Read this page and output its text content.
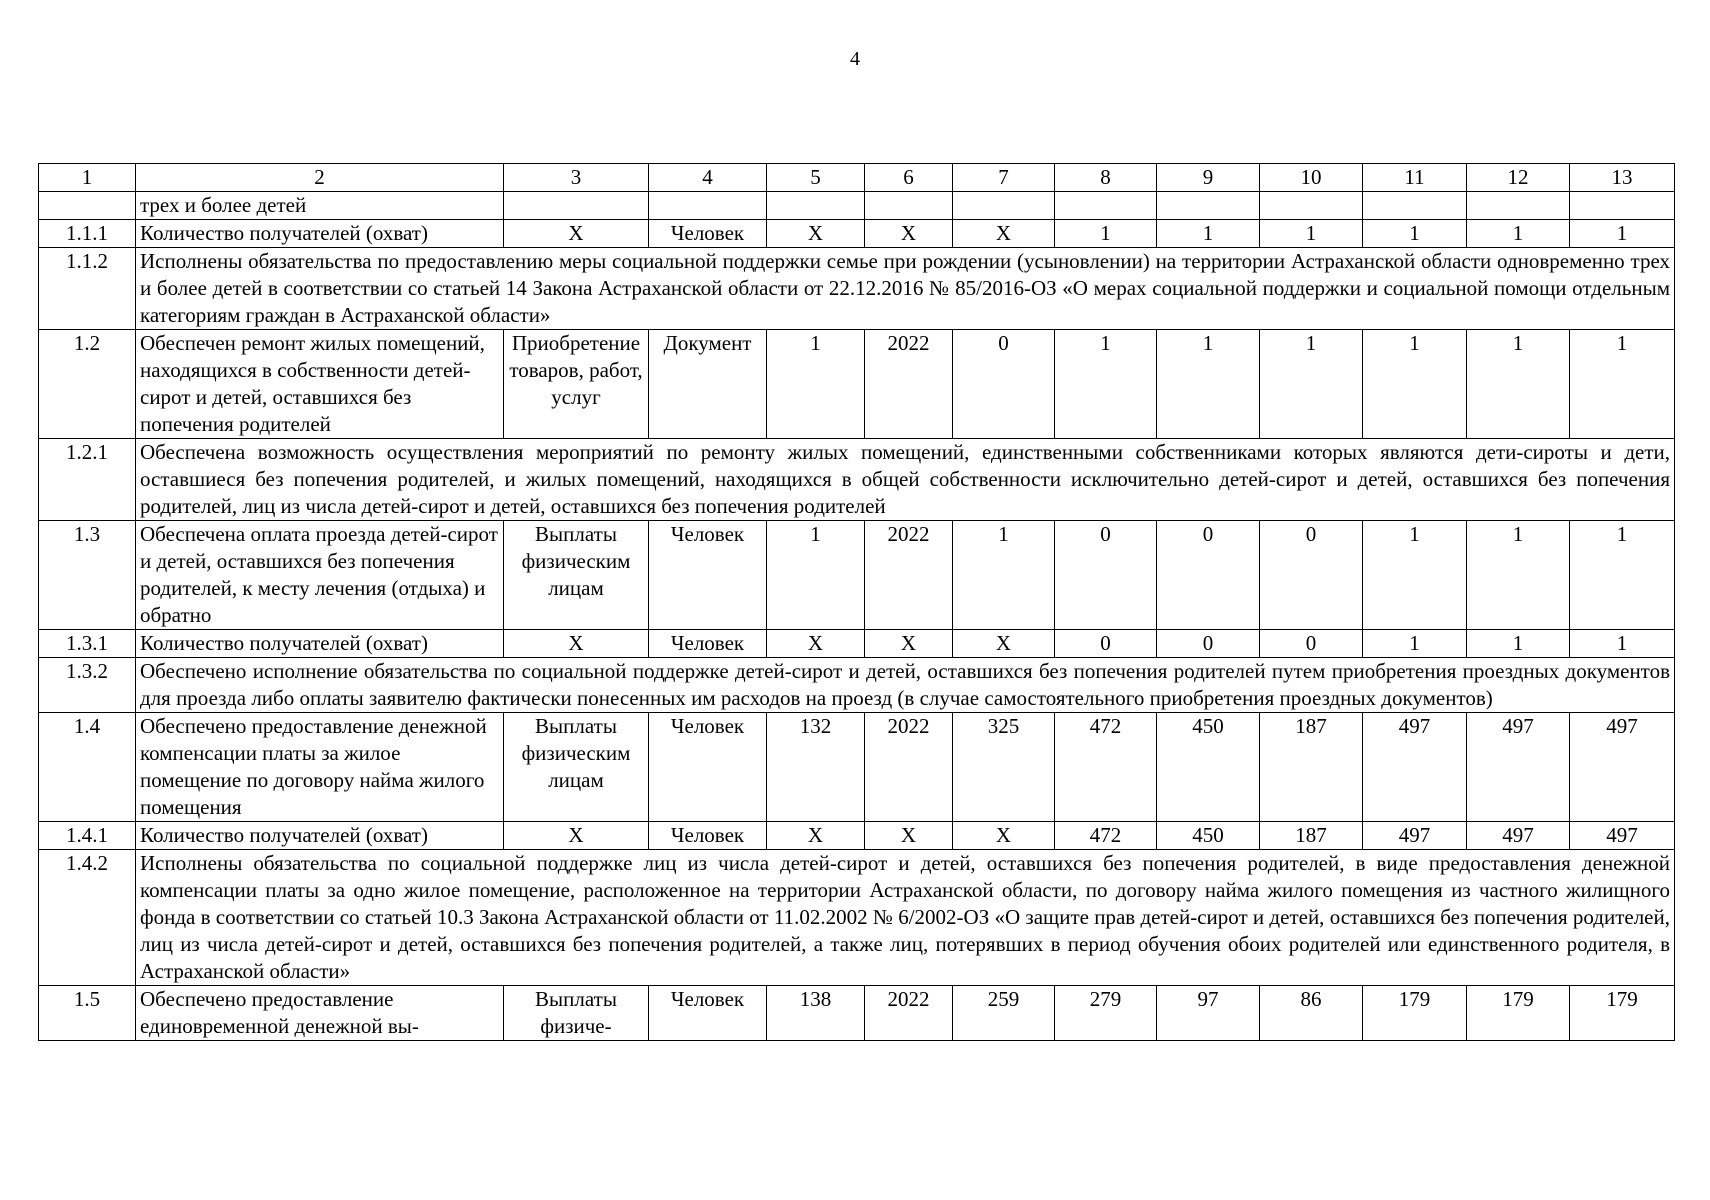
4
1	2	3	4	5	6	7	8	9	10	11	12	13
	трех и более детей											
1.1.1	Количество получателей (охват)	Х	Человек	Х	Х	Х	1	1	1	1	1	1
1.1.2	Исполнены обязательства по предоставлению меры социальной поддержки семье при рождении (усыновлении) на территории Астраханской области одновременно трех и более детей в соответствии со статьей 14 Закона Астраханской области от 22.12.2016 № 85/2016-ОЗ «О мерах социальной поддержки и социальной помощи отдельным категориям граждан в Астраханской области»											
1.2	Обеспечен ремонт жилых помещений, находящихся в собственности детей-сирот и детей, оставшихся без попечения родителей	Приобретение товаров, работ, услуг	Документ	1	2022	0	1	1	1	1	1	1
1.2.1	Обеспечена возможность осуществления мероприятий по ремонту жилых помещений, единственными собственниками которых являются дети-сироты и дети, оставшиеся без попечения родителей, и жилых помещений, находящихся в общей собственности исключительно детей-сирот и детей, оставшихся без попечения родителей, лиц из числа детей-сирот и детей, оставшихся без попечения родителей											
1.3	Обеспечена оплата проезда детей-сирот и детей, оставшихся без попечения родителей, к месту лечения (отдыха) и обратно	Выплаты физическим лицам	Человек	1	2022	1	0	0	0	1	1	1
1.3.1	Количество получателей (охват)	Х	Человек	Х	Х	Х	0	0	0	1	1	1
1.3.2	Обеспечено исполнение обязательства по социальной поддержке детей-сирот и детей, оставшихся без попечения родителей путем приобретения проездных документов для проезда либо оплаты заявителю фактически понесенных им расходов на проезд (в случае самостоятельного приобретения проездных документов)											
1.4	Обеспечено предоставление денежной компенсации платы за жилое помещение по договору найма жилого помещения	Выплаты физическим лицам	Человек	132	2022	325	472	450	187	497	497	497
1.4.1	Количество получателей (охват)	Х	Человек	Х	Х	Х	472	450	187	497	497	497
1.4.2	Исполнены обязательства по социальной поддержке лиц из числа детей-сирот и детей, оставшихся без попечения родителей, в виде предоставления денежной компенсации платы за одно жилое помещение, расположенное на территории Астраханской области, по договору найма жилого помещения из частного жилищного фонда в соответствии со статьей 10.3 Закона Астраханской области от 11.02.2002 № 6/2002-ОЗ «О защите прав детей-сирот и детей, оставшихся без попечения родителей, лиц из числа детей-сирот и детей, оставшихся без попечения родителей, а также лиц, потерявших в период обучения обоих родителей или единственного родителя, в Астраханской области»											
1.5	Обеспечено предоставление единовременной денежной вы-	Выплаты физиче-	Человек	138	2022	259	279	97	86	179	179	179
